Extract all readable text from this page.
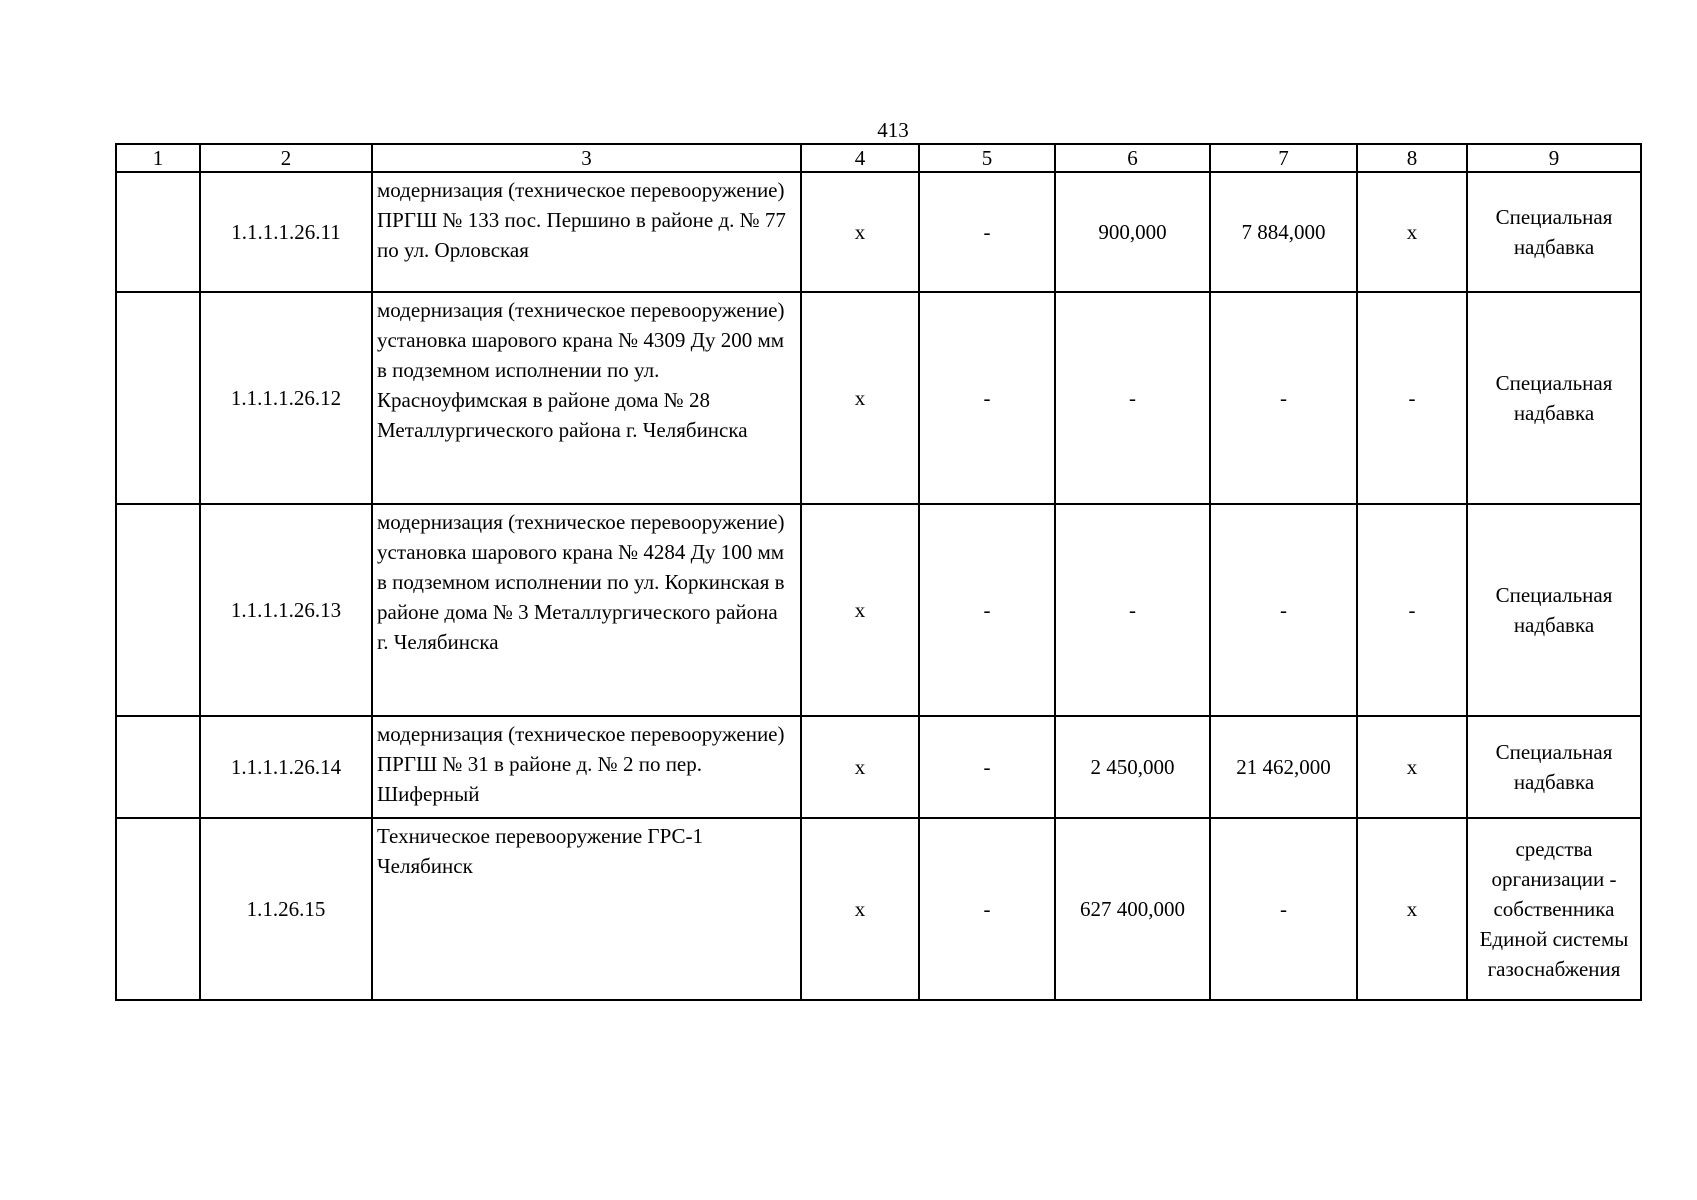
413
1	2	3	4	5	6	7	8	9
	1.1.1.1.26.11	модернизация (техническое перевооружение) ПРГШ № 133 пос. Першино в районе д. № 77 по ул. Орловская	х	-	900,000	7 884,000	х	Специальная надбавка
	1.1.1.1.26.12	модернизация (техническое перевооружение) установка шарового крана № 4309 Ду 200 мм в подземном исполнении по ул. Красноуфимская в районе дома № 28 Металлургического района г. Челябинска	х	-	-	-	-	Специальная надбавка
	1.1.1.1.26.13	модернизация (техническое перевооружение) установка шарового крана № 4284 Ду 100 мм в подземном исполнении по ул. Коркинская в районе дома № 3 Металлургического района г. Челябинска	х	-	-	-	-	Специальная надбавка
	1.1.1.1.26.14	модернизация (техническое перевооружение) ПРГШ № 31 в районе д. № 2 по пер. Шиферный	х	-	2 450,000	21 462,000	х	Специальная надбавка
	1.1.26.15	Техническое перевооружение ГРС-1 Челябинск	х	-	627 400,000	-	х	средства организации - собственника Единой системы газоснабжения
